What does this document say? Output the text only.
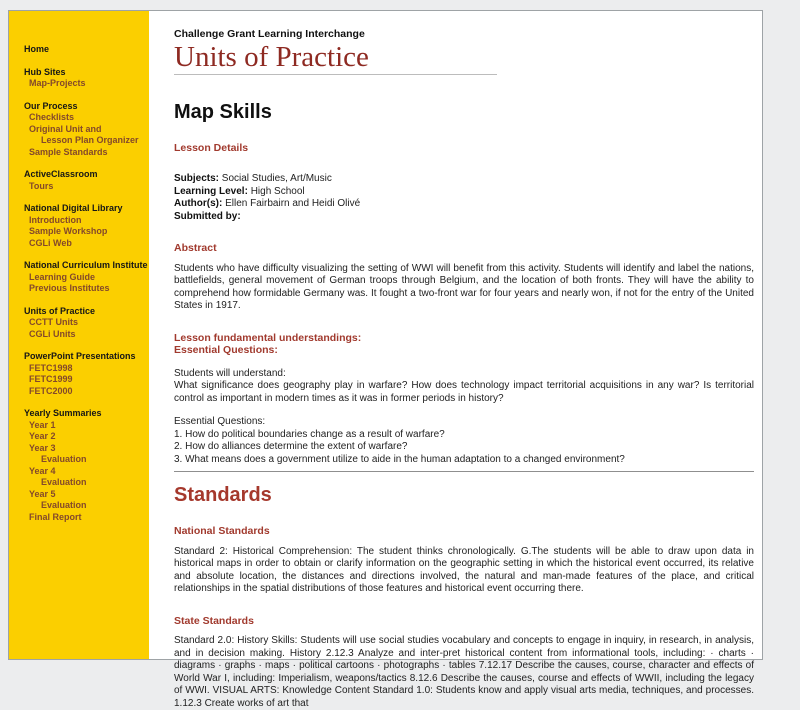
Home
Hub Sites
Map-Projects
Our Process
Checklists
Original Unit and
Lesson Plan Organizer
Sample Standards
ActiveClassroom
Tours
National Digital Library
Introduction
Sample Workshop
CGLi Web
National Curriculum Institute
Learning Guide
Previous Institutes
Units of Practice
CCTT Units
CGLi Units
PowerPoint Presentations
FETC1998
FETC1999
FETC2000
Yearly Summaries
Year 1
Year 2
Year 3
Evaluation
Year 4
Evaluation
Year 5
Evaluation
Final Report
Challenge Grant Learning Interchange
Units of Practice
Map Skills
Lesson Details
Subjects: Social Studies, Art/Music
Learning Level: High School
Author(s): Ellen Fairbairn and Heidi Olivé
Submitted by:
Abstract

Students who have difficulty visualizing the setting of WWI will benefit from this activity. Students will identify and label the nations, battlefields, general movement of German troops through Belgium, and the location of both fronts. They will have the ability to comprehend how formidable Germany was. It fought a two-front war for four years and nearly won, if not for the entry of the United States in 1917.

Lesson fundamental understandings:
Essential Questions:
Students will understand:
What significance does geography play in warfare? How does technology impact territorial acquisitions in any war? Is territorial control as important in modern times as it was in former periods in history?
Essential Questions:
1. How do political boundaries change as a result of warfare?
2. How do alliances determine the extent of warfare?
3. What means does a government utilize to aide in the human adaptation to a changed environment?
Standards
National Standards

Standard 2: Historical Comprehension: The student thinks chronologically. G.The students will be able to draw upon data in historical maps in order to obtain or clarify information on the geographic setting in which the historical event occurred, its relative and absolute location, the distances and directions involved, the natural and man-made features of the place, and critical relationships in the spatial distributions of those features and historical event occurring there.

State Standards

Standard 2.0: History Skills: Students will use social studies vocabulary and concepts to engage in inquiry, in research, in analysis, and in decision making. History 2.12.3 Analyze and inter-pret historical content from informational tools, including: · charts · diagrams · graphs · maps · political cartoons · photographs · tables 7.12.17 Describe the causes, course, character and effects of World War I, including: Imperialism, weapons/tactics 8.12.6 Describe the causes, course and effects of WWII, including the legacy of WWI. VISUAL ARTS: Knowledge Content Standard 1.0: Students know and apply visual arts media, techniques, and processes. 1.12.3 Create works of art that
